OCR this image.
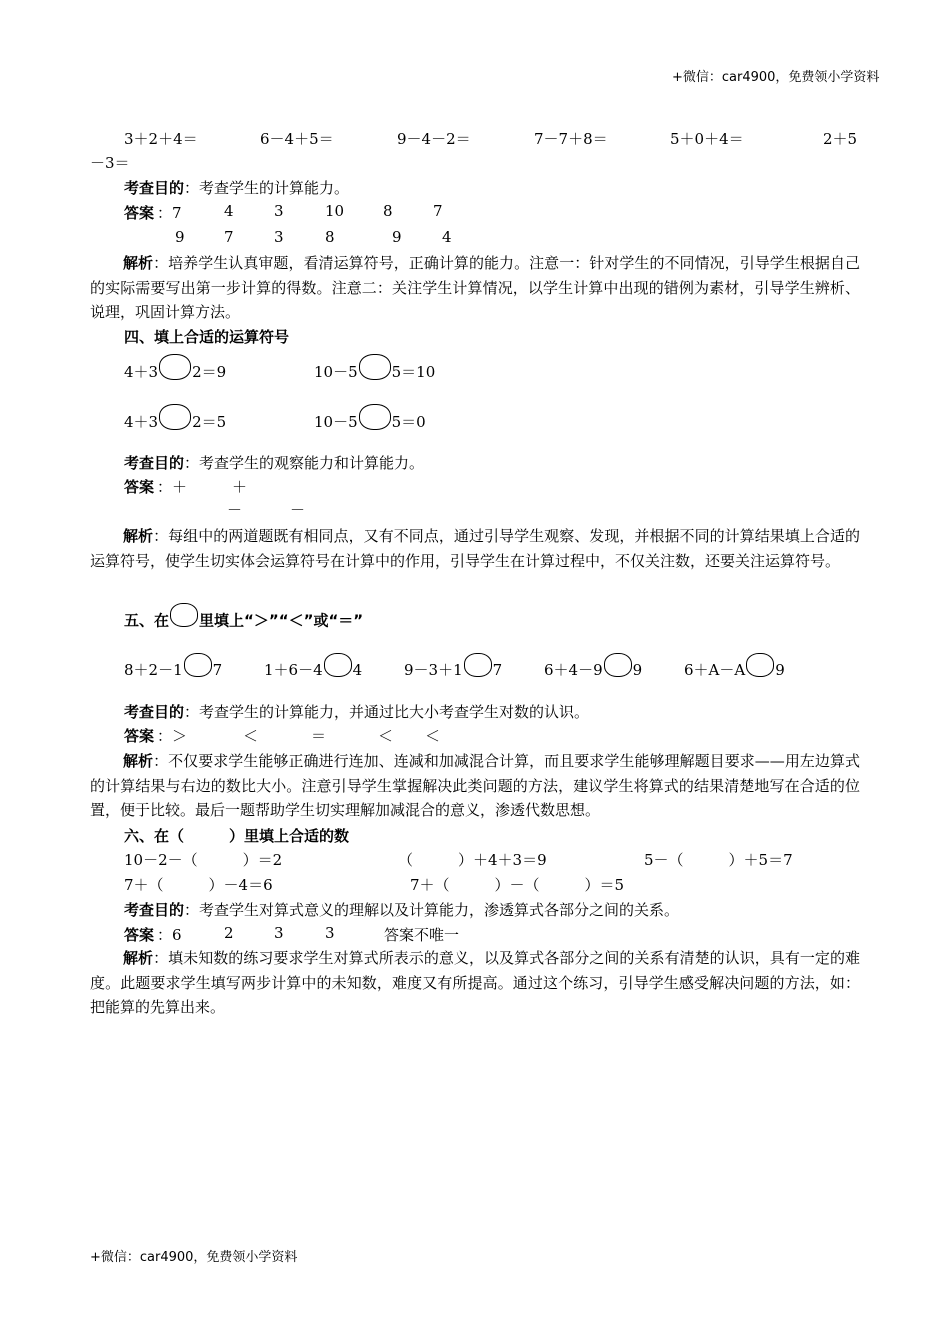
+微信：car4900，免费领小学资料
3＋2＋4＝	6－4＋5＝	9－4－2＝	7－7＋8＝	5＋0＋4＝	2＋5
－3＝
考查目的：考查学生的计算能力。
答案 ：7	4	3	10	8	7
9	7	3	8	9	4
解析：培养学生认真审题，看清运算符号，正确计算的能力。注意一：针对学生的不同情况，引导学生根据自己的实际需要写出第一步计算的得数。注意二：关注学生计算情况，以学生计算中出现的错例为素材，引导学生辨析、说理，巩固计算方法。
四、填上合适的运算符号
4＋3 2＝9	10－5 5＝10
4＋3 2＝5	10－5 5＝0
考查目的：考查学生的观察能力和计算能力。
答案 ：＋	＋
－	－
解析：每组中的两道题既有相同点，又有不同点，通过引导学生观察、发现，并根据不同的计算结果填上合适的运算符号，使学生切实体会运算符号在计算中的作用，引导学生在计算过程中，不仅关注数，还要关注运算符号。
五、在 里填上“＞”“＜”或“＝”
8＋2－1 7	1＋6－4 4	9－3＋1 7	6＋4－9 9	6＋A－A 9
考查目的：考查学生的计算能力，并通过比大小考查学生对数的认识。
答案 ：＞	＜	＝	＜ ＜
解析：不仅要求学生能够正确进行连加、连减和加减混合计算，而且要求学生能够理解题目要求——用左边算式的计算结果与右边的数比大小。注意引导学生掌握解决此类问题的方法，建议学生将算式的结果清楚地写在合适的位置，便于比较。最后一题帮助学生切实理解加减混合的意义，渗透代数思想。
六、在（　　　）里填上合适的数
10－2－（　　　）＝2	（　　　）＋4＋3＝9	5－（　　　）＋5＝7
7＋（　　　）－4＝6	7＋（　　　）－（　　　）＝5
考查目的：考查学生对算式意义的理解以及计算能力，渗透算式各部分之间的关系。
答案 ：6	2	3	3	答案不唯一
解析：填未知数的练习要求学生对算式所表示的意义，以及算式各部分之间的关系有清楚的认识，具有一定的难度。此题要求学生填写两步计算中的未知数，难度又有所提高。通过这个练习，引导学生感受解决问题的方法，如：把能算的先算出来。
+微信：car4900，免费领小学资料
